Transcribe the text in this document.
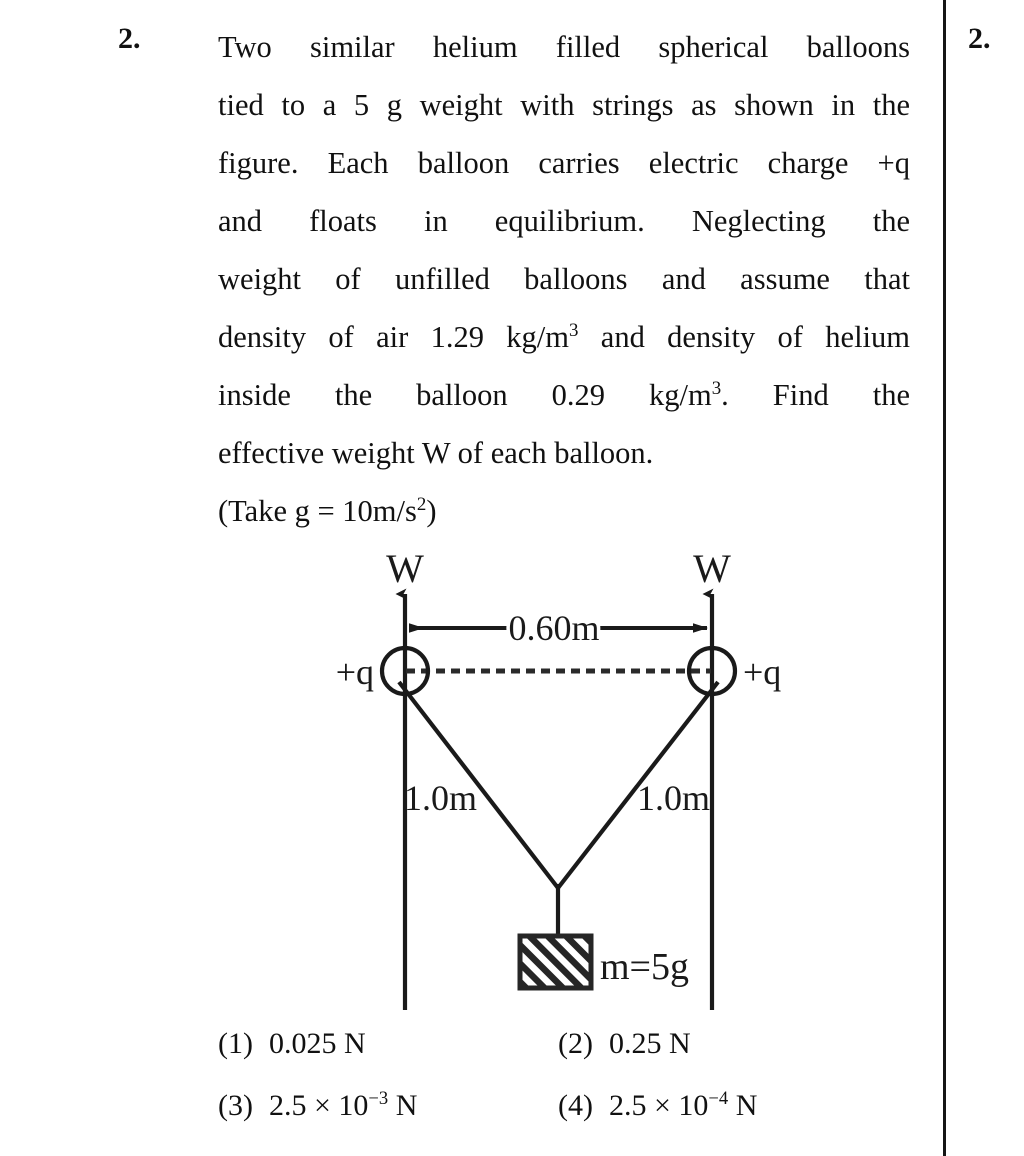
2.	2.
Two similar helium filled spherical balloons
tied to a 5 g weight with strings as shown in the
figure. Each balloon carries electric charge +q
and floats in equilibrium. Neglecting the
weight of unfilled balloons and assume that
density of air 1.29 $kg/m^3$ and density of helium
inside the balloon 0.29 $kg/m^3$. Find the
effective weight W of each balloon.
(Take $g = 10m/s^2$)
W	W
0.60m
+q	+q
1.0m	1.0m
m=5g
(1) 0.025 N	(2) 0.25 N
(3) $2.5 \times 10^{-3}$ N	(4) $2.5 \times 10^{-4}$ N
